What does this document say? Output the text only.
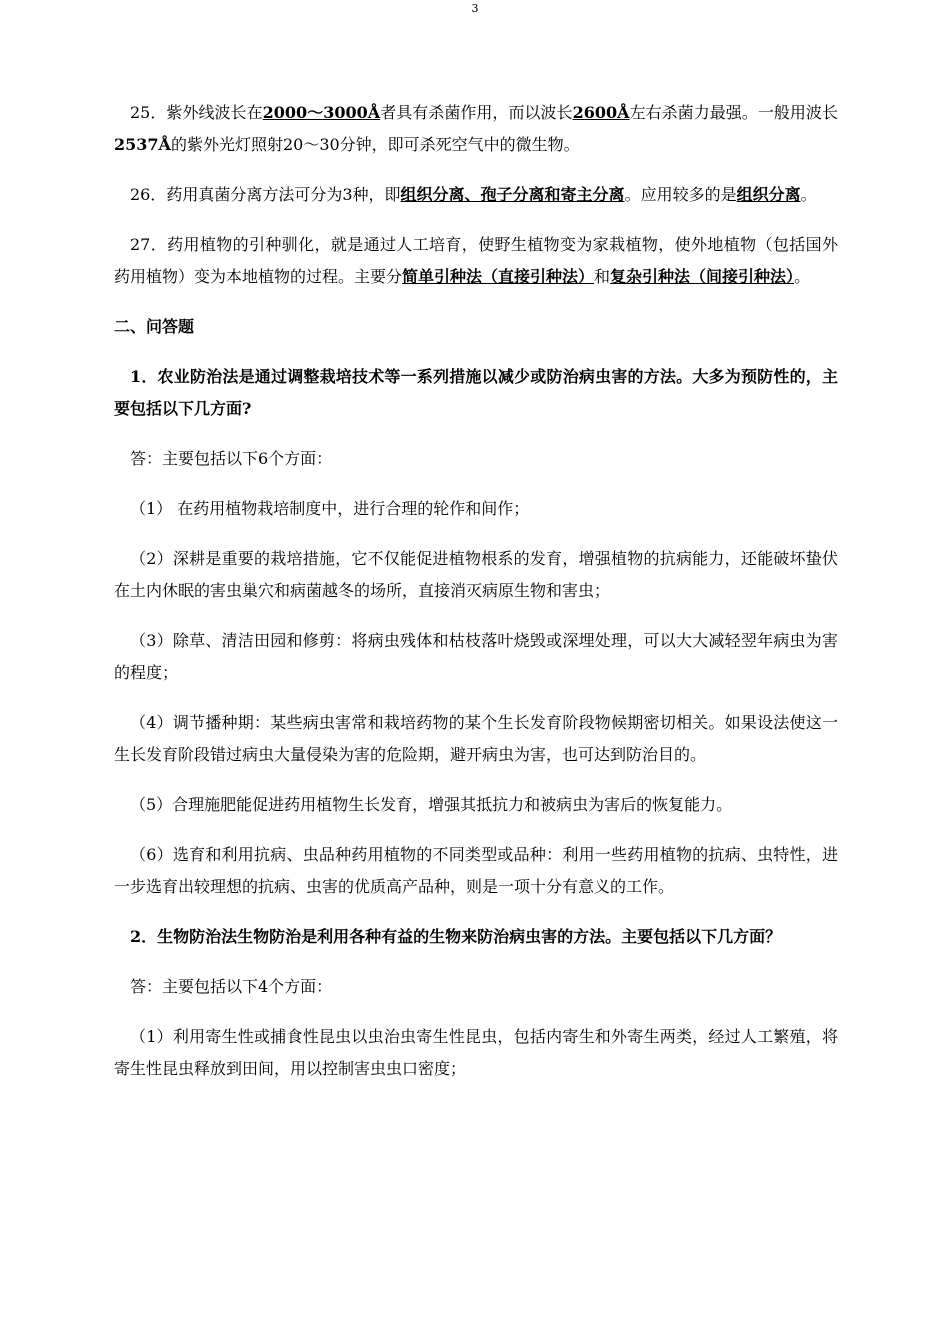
3

25．紫外线波长在2000～3000Å者具有杀菌作用，而以波长2600Å左右杀菌力最强。一般用波长2537Å的紫外光灯照射20～30分钟，即可杀死空气中的微生物。

26．药用真菌分离方法可分为3种，即组织分离、孢子分离和寄主分离。应用较多的是组织分离。

27．药用植物的引种驯化，就是通过人工培育，使野生植物变为家栽植物，使外地植物（包括国外药用植物）变为本地植物的过程。主要分简单引种法（直接引种法）和复杂引种法（间接引种法）。

二、问答题

1．农业防治法是通过调整栽培技术等一系列措施以减少或防治病虫害的方法。大多为预防性的，主要包括以下几方面?

答：主要包括以下6个方面：

（1） 在药用植物栽培制度中，进行合理的轮作和间作；

（2）深耕是重要的栽培措施，它不仅能促进植物根系的发育，增强植物的抗病能力，还能破坏蛰伏在土内休眠的害虫巢穴和病菌越冬的场所，直接消灭病原生物和害虫；

（3）除草、清洁田园和修剪：将病虫残体和枯枝落叶烧毁或深埋处理，可以大大减轻翌年病虫为害的程度；

（4）调节播种期：某些病虫害常和栽培药物的某个生长发育阶段物候期密切相关。如果设法使这一生长发育阶段错过病虫大量侵染为害的危险期，避开病虫为害，也可达到防治目的。

（5）合理施肥能促进药用植物生长发育，增强其抵抗力和被病虫为害后的恢复能力。

（6）选育和利用抗病、虫品种药用植物的不同类型或品种：利用一些药用植物的抗病、虫特性，进一步选育出较理想的抗病、虫害的优质高产品种，则是一项十分有意义的工作。

2．生物防治法生物防治是利用各种有益的生物来防治病虫害的方法。主要包括以下几方面？

答：主要包括以下4个方面：

（1）利用寄生性或捕食性昆虫以虫治虫寄生性昆虫，包括内寄生和外寄生两类，经过人工繁殖，将寄生性昆虫释放到田间，用以控制害虫虫口密度；
